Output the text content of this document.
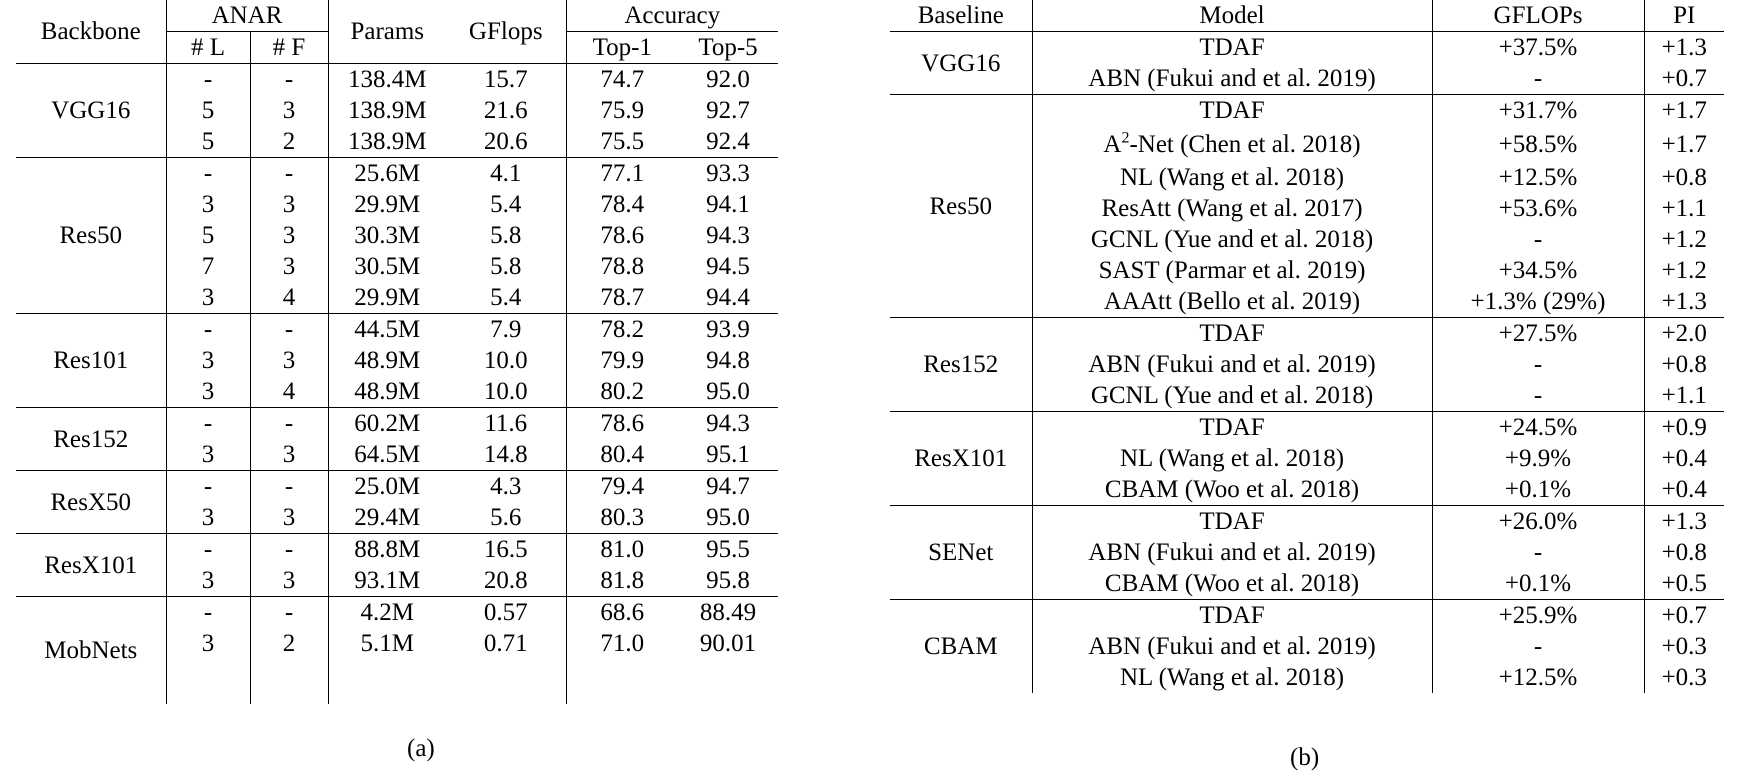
Backbone	ANAR		Params	GFlops	Accuracy	
	# L	# F			Top-1	Top-5
VGG16	-	-	138.4M	15.7	74.7	92.0
	5	3	138.9M	21.6	75.9	92.7
	5	2	138.9M	20.6	75.5	92.4
Res50	-	-	25.6M	4.1	77.1	93.3
	3	3	29.9M	5.4	78.4	94.1
	5	3	30.3M	5.8	78.6	94.3
	7	3	30.5M	5.8	78.8	94.5
	3	4	29.9M	5.4	78.7	94.4
Res101	-	-	44.5M	7.9	78.2	93.9
	3	3	48.9M	10.0	79.9	94.8
	3	4	48.9M	10.0	80.2	95.0
Res152	-	-	60.2M	11.6	78.6	94.3
	3	3	64.5M	14.8	80.4	95.1
ResX50	-	-	25.0M	4.3	79.4	94.7
	3	3	29.4M	5.6	80.3	95.0
ResX101	-	-	88.8M	16.5	81.0	95.5
	3	3	93.1M	20.8	81.8	95.8
MobNets	-	-	4.2M	0.57	68.6	88.49
	3	2	5.1M	0.71	71.0	90.01

(a)
Baseline	Model	GFLOPs	PI
VGG16	TDAF	+37.5%	+1.3
	ABN (Fukui and et al. 2019)	-	+0.7
Res50	TDAF	+31.7%	+1.7
	$A^2$-Net (Chen et al. 2018)	+58.5%	+1.7
	NL (Wang et al. 2018)	+12.5%	+0.8
	ResAtt (Wang et al. 2017)	+53.6%	+1.1
	GCNL (Yue and et al. 2018)	-	+1.2
	SAST (Parmar et al. 2019)	+34.5%	+1.2
	AAAtt (Bello et al. 2019)	+1.3% (29%)	+1.3
Res152	TDAF	+27.5%	+2.0
	ABN (Fukui and et al. 2019)	-	+0.8
	GCNL (Yue and et al. 2018)	-	+1.1
ResX101	TDAF	+24.5%	+0.9
	NL (Wang et al. 2018)	+9.9%	+0.4
	CBAM (Woo et al. 2018)	+0.1%	+0.4
SENet	TDAF	+26.0%	+1.3
	ABN (Fukui and et al. 2019)	-	+0.8
	CBAM (Woo et al. 2018)	+0.1%	+0.5
CBAM	TDAF	+25.9%	+0.7
	ABN (Fukui and et al. 2019)	-	+0.3
	NL (Wang et al. 2018)	+12.5%	+0.3
(b)
